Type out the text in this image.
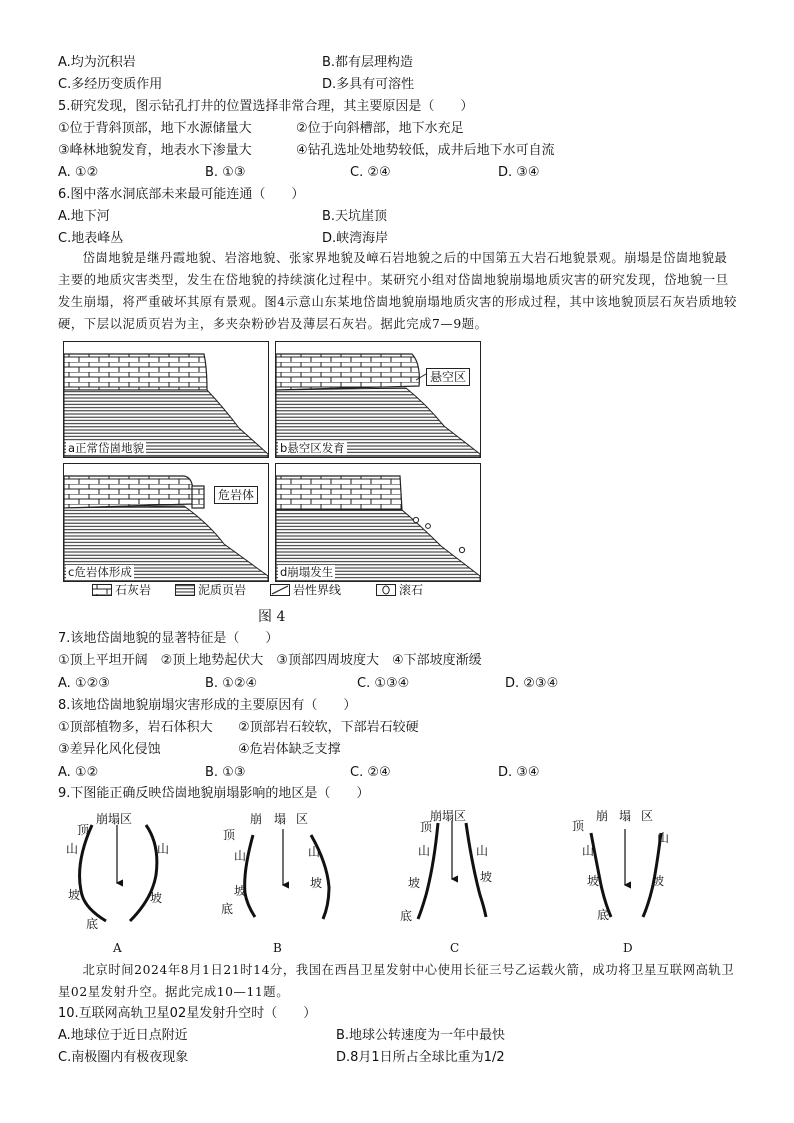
A.均为沉积岩	B.都有层理构造
C.多经历变质作用	D.多具有可溶性
5.研究发现，图示钻孔打井的位置选择非常合理，其主要原因是（　　）
①位于背斜顶部，地下水源储量大	②位于向斜槽部，地下水充足
③峰林地貌发育，地表水下渗量大	④钻孔选址处地势较低，成井后地下水可自流
A. ①②	B. ①③	C. ②④	D. ③④
6.图中落水洞底部未来最可能连通（　　）
A.地下河	B.天坑崖顶
C.地表峰丛	D.峡湾海岸
岱崮地貌是继丹霞地貌、岩溶地貌、张家界地貌及嶂石岩地貌之后的中国第五大岩石地貌景观。崩塌是岱崮地貌最主要的地质灾害类型，发生在岱地貌的持续演化过程中。某研究小组对岱崮地貌崩塌地质灾害的研究发现，岱地貌一旦发生崩塌，将严重破坏其原有景观。图4示意山东某地岱崮地貌崩塌地质灾害的形成过程，其中该地貌顶层石灰岩质地较硬，下层以泥质页岩为主，多夹杂粉砂岩及薄层石灰岩。据此完成7—9题。
a正常岱崮地貌
悬空区
b悬空区发育
危岩体
c危岩体形成	d崩塌发生
石灰岩	泥质页岩	岩性界线	滚石
图 4
7.该地岱崮地貌的显著特征是（　　）
①顶上平坦开阔　②顶上地势起伏大　③顶部四周坡度大　④下部坡度渐缓
A. ①②③	B. ①②④	C. ①③④	D. ②③④
8.该地岱崮地貌崩塌灾害形成的主要原因有（　　）
①顶部植物多，岩石体积大 ②顶部岩石较软，下部岩石较硬
③差异化风化侵蚀	④危岩体缺乏支撑
A. ①②	B. ①③	C. ②④	D. ③④
9.下图能正确反映岱崮地貌崩塌影响的地区是（　　）
崩塌区
顶
山	山
坡	坡
底
A
崩 塌 区
顶
山	山
坡
坡
底
B
崩塌区
顶
山	山
坡	坡
底
C
崩 塌 区
顶
山
山
坡	坡
底
D
北京时间2024年8月1日21时14分，我国在西昌卫星发射中心使用长征三号乙运载火箭，成功将卫星互联网高轨卫星02星发射升空。据此完成10—11题。
10.互联网高轨卫星02星发射升空时（　　）
A.地球位于近日点附近	B.地球公转速度为一年中最快
C.南极圈内有极夜现象	D.8月1日所占全球比重为1/2
